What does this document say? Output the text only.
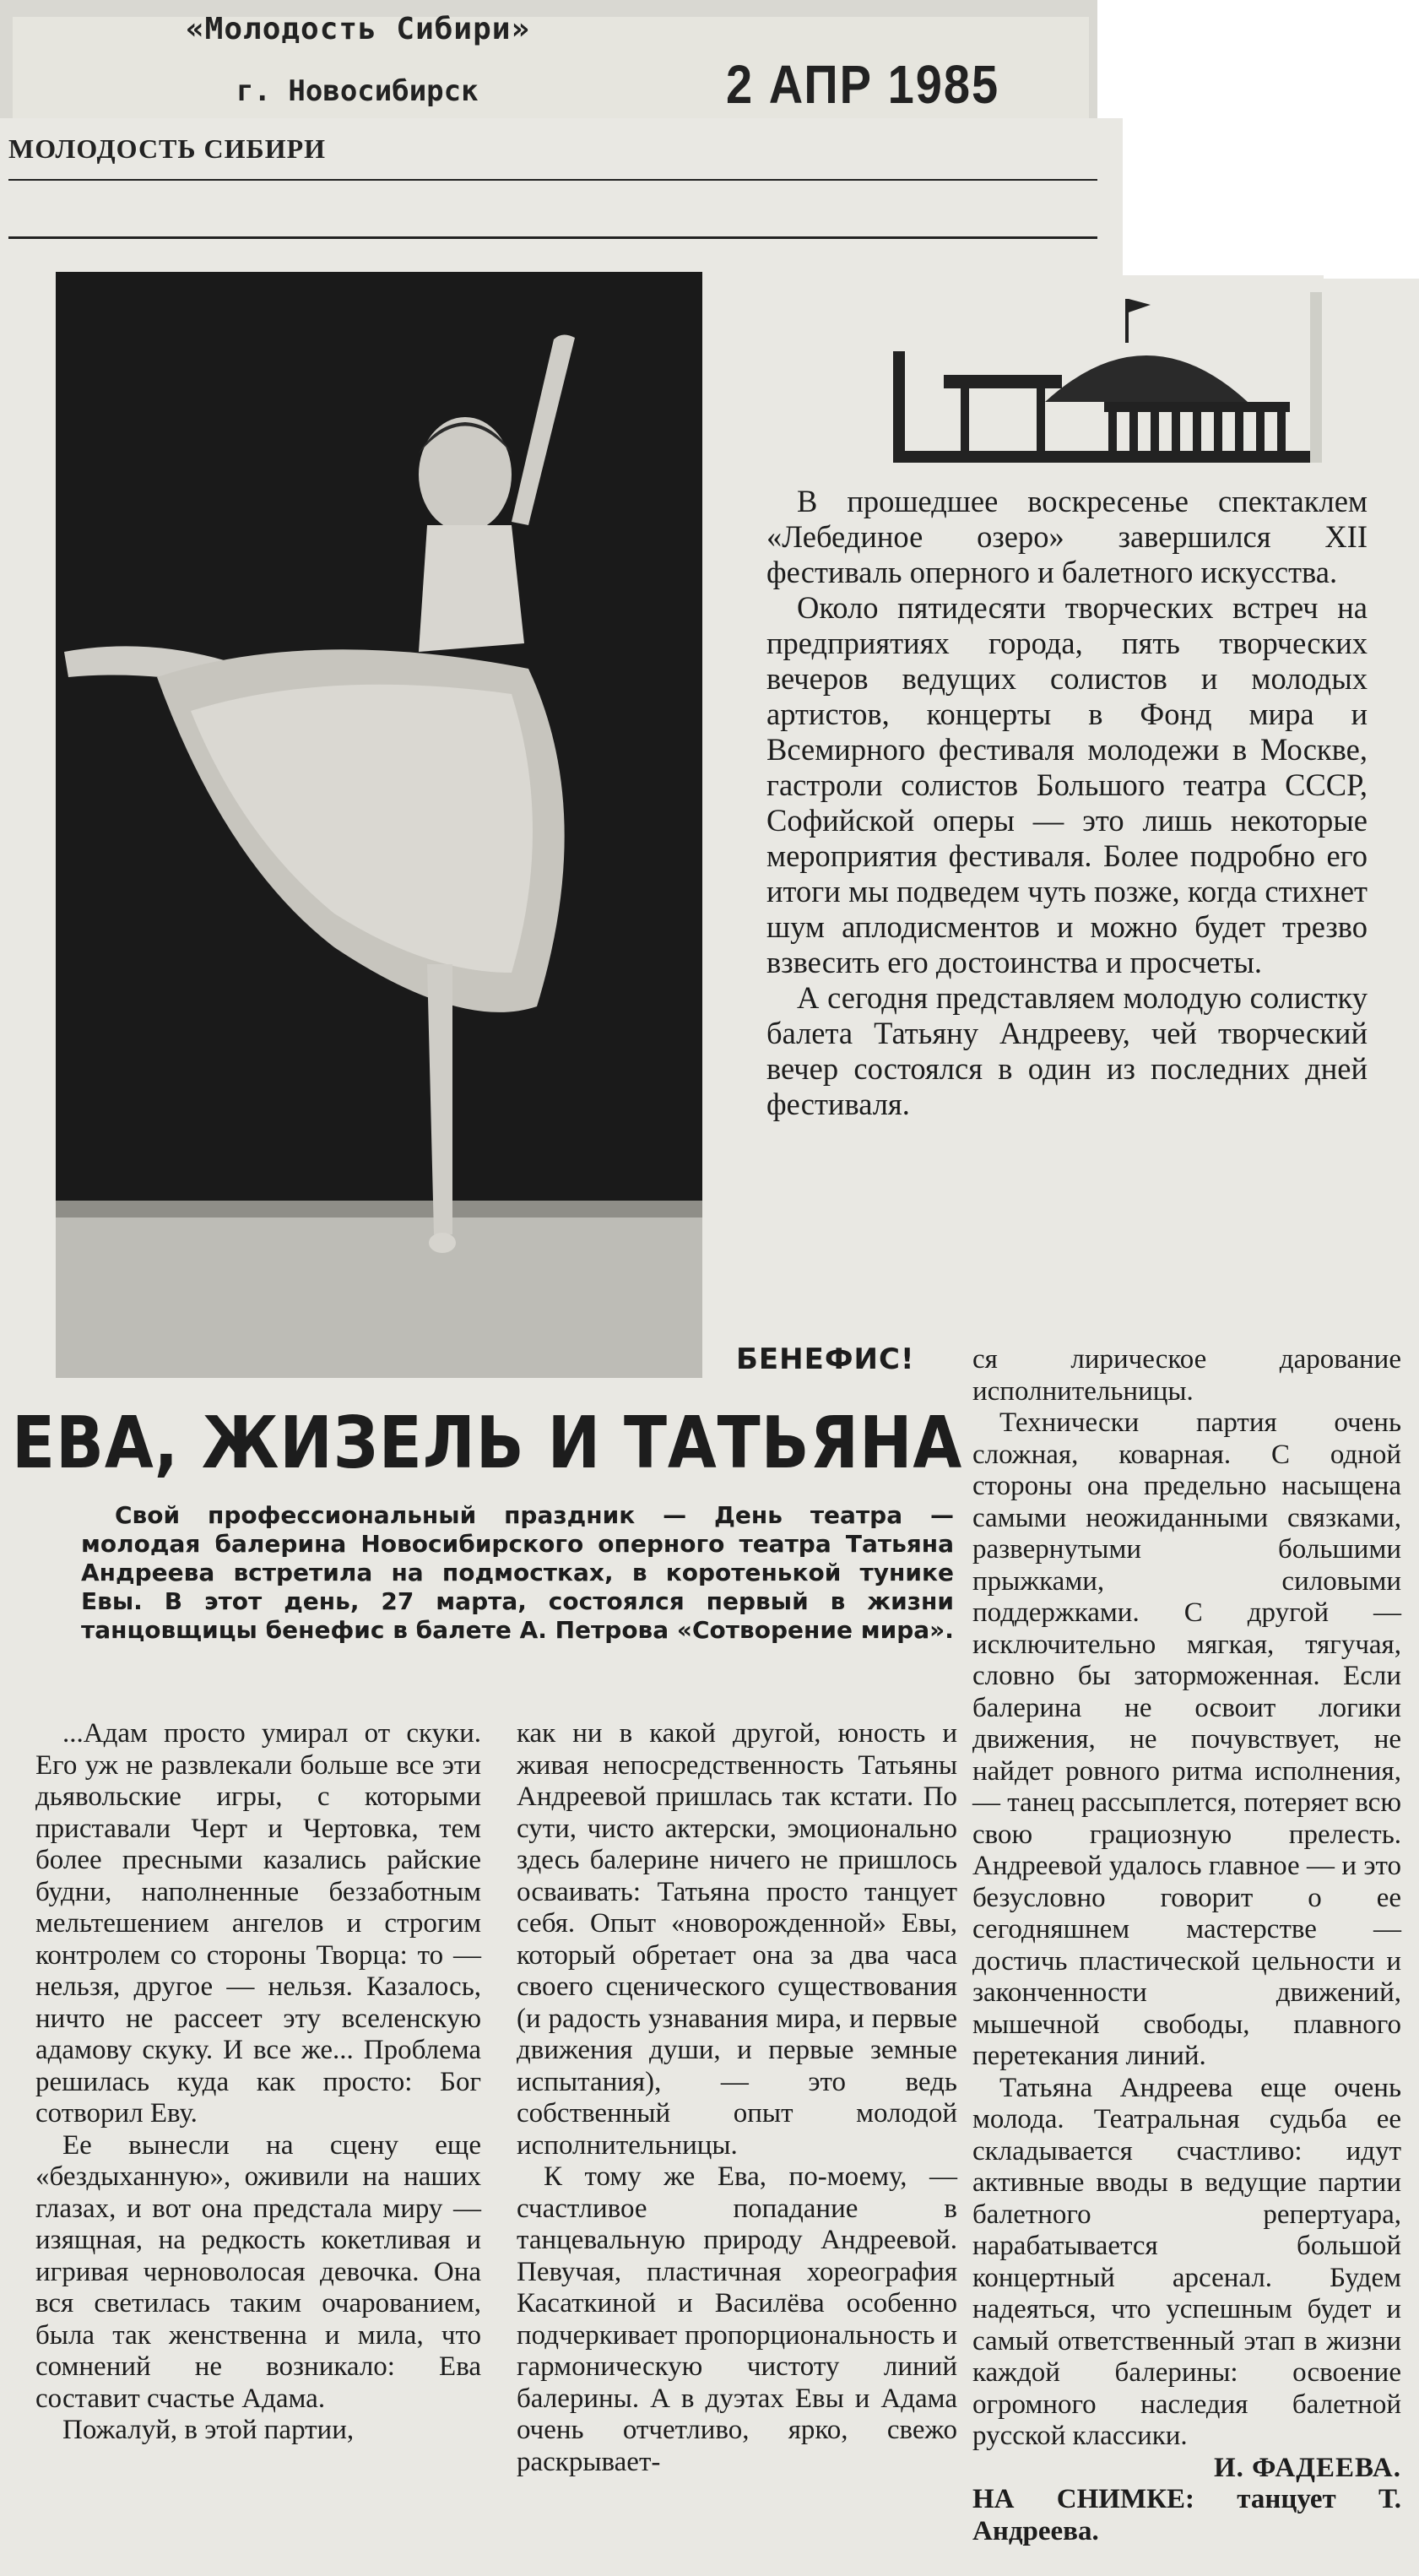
«Молодость Сибири»
г. Новосибирск	2 АПР 1985
МОЛОДОСТЬ СИБИРИ

В прошедшее воскресенье спектаклем «Лебединое озеро» завершился XII фестиваль оперного и балетного искусства.

Около пятидесяти творческих встреч на предприятиях города, пять творческих вечеров ведущих солистов и молодых артистов, концерты в Фонд мира и Всемирного фестиваля молодежи в Москве, гастроли солистов Большого театра СССР, Софийской оперы — это лишь некоторые мероприятия фестиваля. Более подробно его итоги мы подведем чуть позже, когда стихнет шум аплодисментов и можно будет трезво взвесить его достоинства и просчеты.

А сегодня представляем молодую солистку балета Татьяну Андрееву, чей творческий вечер состоялся в один из последних дней фестиваля.

БЕНЕФИС!
ЕВА, ЖИЗЕЛЬ И ТАТЬЯНА
Свой профессиональный праздник — День театра — молодая балерина Новосибирского оперного театра Татьяна Андреева встретила на подмостках, в коротенькой тунике Евы. В этот день, 27 марта, состоялся первый в жизни танцовщицы бенефис в балете А. Петрова «Сотворение мира».

...Адам просто умирал от скуки. Его уж не развлекали больше все эти дьявольские игры, с которыми приставали Черт и Чертовка, тем более пресными казались райские будни, наполненные беззаботным мельтешением ангелов и строгим контролем со стороны Творца: то — нельзя, другое — нельзя. Казалось, ничто не рассеет эту вселенскую адамову скуку. И все же... Проблема решилась куда как просто: Бог сотворил Еву.

Ее вынесли на сцену еще «бездыханную», оживили на наших глазах, и вот она предстала миру — изящная, на редкость кокетливая и игривая черноволосая девочка. Она вся светилась таким очарованием, была так женственна и мила, что сомнений не возникало: Ева составит счастье Адама.

Пожалуй, в этой партии,

как ни в какой другой, юность и живая непосредственность Татьяны Андреевой пришлась так кстати. По сути, чисто актерски, эмоционально здесь балерине ничего не пришлось осваивать: Татьяна просто танцует себя. Опыт «новорожденной» Евы, который обретает она за два часа своего сценического существования (и радость узнавания мира, и первые движения души, и первые земные испытания), — это ведь собственный опыт молодой исполнительницы.

К тому же Ева, по-моему, — счастливое попадание в танцевальную природу Андреевой. Певучая, пластичная хореография Касаткиной и Василёва особенно подчеркивает пропорциональность и гармоническую чистоту линий балерины. А в дуэтах Евы и Адама очень отчетливо, ярко, свежо раскрывает-

ся лирическое дарование исполнительницы.

Технически партия очень сложная, коварная. С одной стороны она предельно насыщена самыми неожиданными связками, развернутыми большими прыжками, силовыми поддержками. С другой — исключительно мягкая, тягучая, словно бы заторможенная. Если балерина не освоит логики движения, не почувствует, не найдет ровного ритма исполнения, — танец рассыплется, потеряет всю свою грациозную прелесть. Андреевой удалось главное — и это безусловно говорит о ее сегодняшнем мастерстве — достичь пластической цельности и законченности движений, мышечной свободы, плавного перетекания линий.

Татьяна Андреева еще очень молода. Театральная судьба ее складывается счастливо: идут активные вводы в ведущие партии балетного репертуара, нарабатывается большой концертный арсенал. Будем надеяться, что успешным будет и самый ответственный этап в жизни каждой балерины: освоение огромного наследия балетной русской классики.

И. ФАДЕЕВА.

НА СНИМКЕ: танцует Т. Андреева.
